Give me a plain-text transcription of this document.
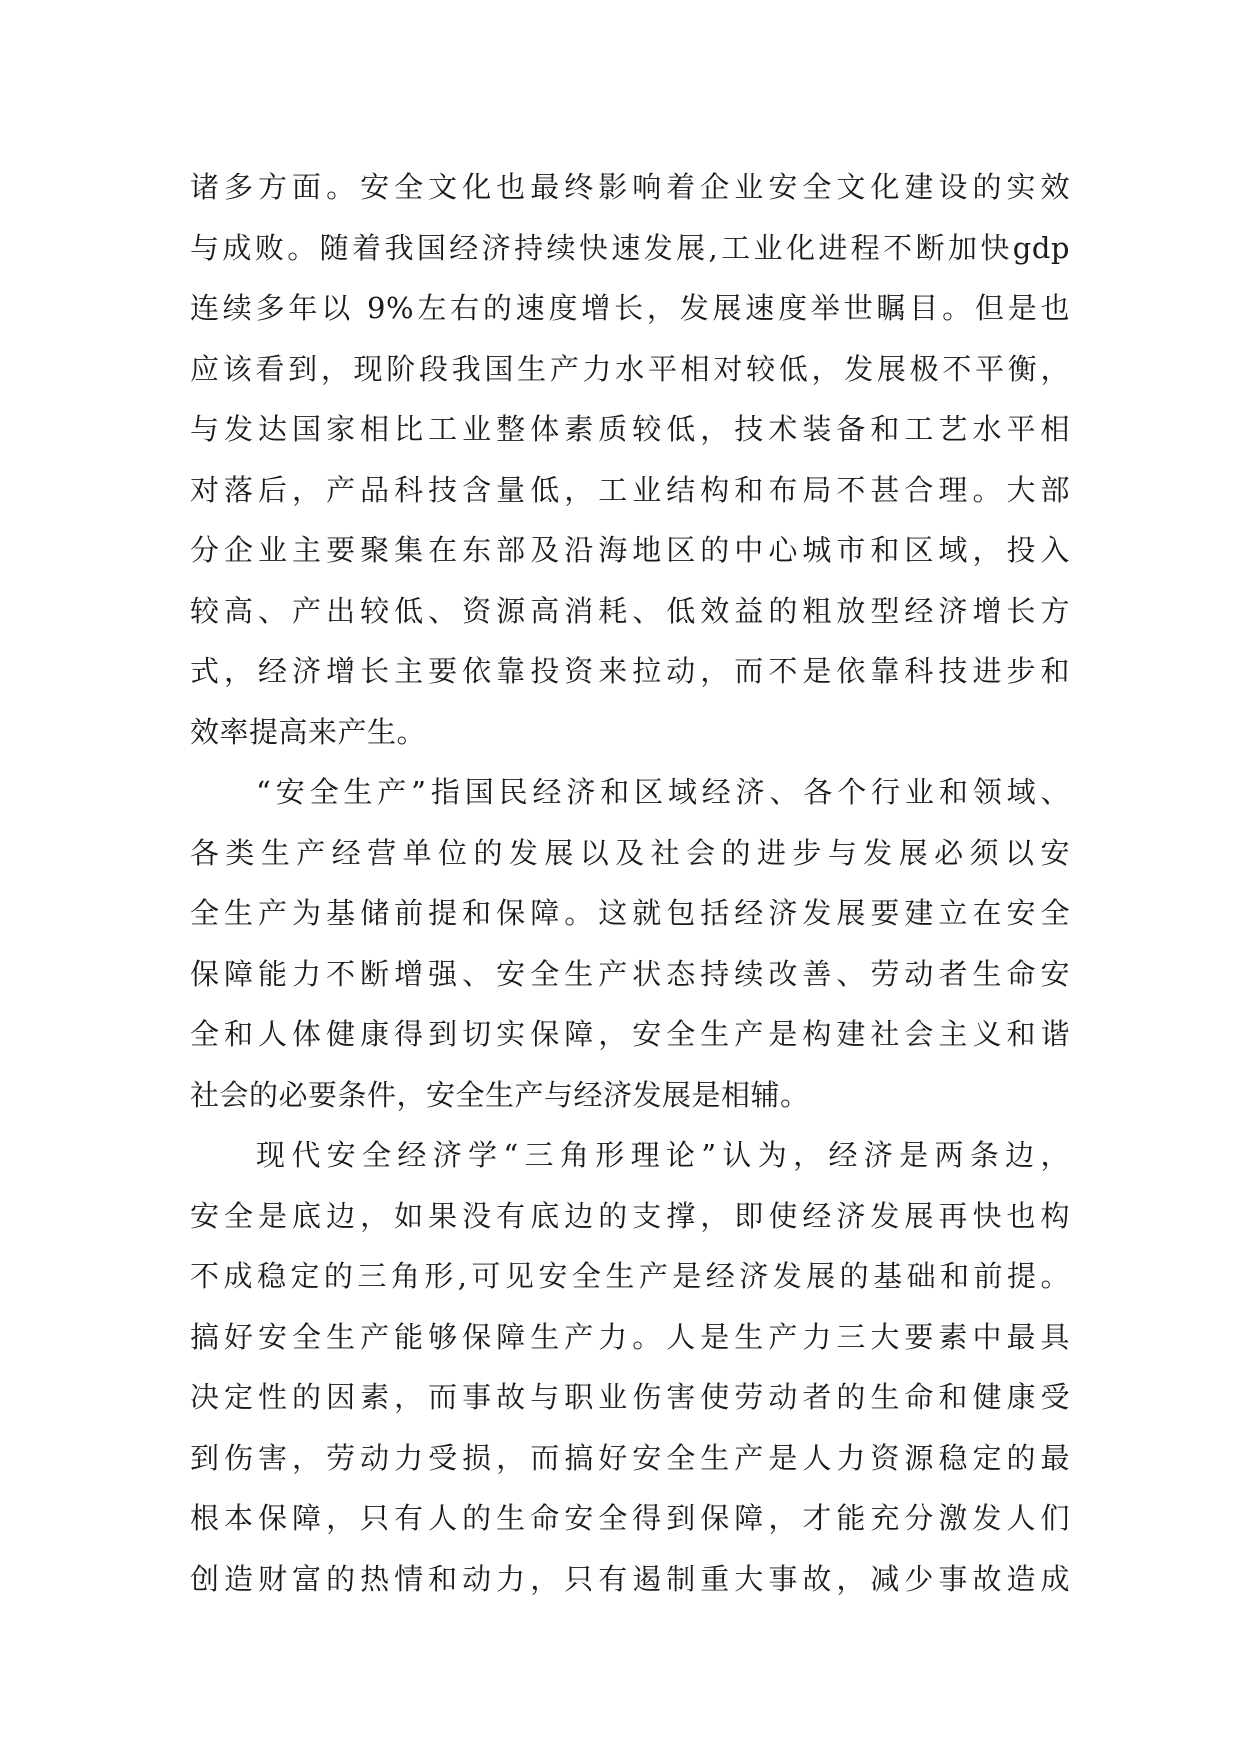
诸多方面。安全文化也最终影响着企业安全文化建设的实效
与成败。随着我国经济持续快速发展,工业化进程不断加快gdp
连续多年以 9%左右的速度增长，发展速度举世瞩目。但是也
应该看到，现阶段我国生产力水平相对较低，发展极不平衡，
与发达国家相比工业整体素质较低，技术装备和工艺水平相
对落后，产品科技含量低，工业结构和布局不甚合理。大部
分企业主要聚集在东部及沿海地区的中心城市和区域，投入
较高、产出较低、资源高消耗、低效益的粗放型经济增长方
式，经济增长主要依靠投资来拉动，而不是依靠科技进步和
效率提高来产生。
“安全生产”指国民经济和区域经济、各个行业和领域、
各类生产经营单位的发展以及社会的进步与发展必须以安
全生产为基储前提和保障。这就包括经济发展要建立在安全
保障能力不断增强、安全生产状态持续改善、劳动者生命安
全和人体健康得到切实保障，安全生产是构建社会主义和谐
社会的必要条件，安全生产与经济发展是相辅。
现代安全经济学“三角形理论”认为，经济是两条边，
安全是底边，如果没有底边的支撑，即使经济发展再快也构
不成稳定的三角形,可见安全生产是经济发展的基础和前提。
搞好安全生产能够保障生产力。人是生产力三大要素中最具
决定性的因素，而事故与职业伤害使劳动者的生命和健康受
到伤害，劳动力受损，而搞好安全生产是人力资源稳定的最
根本保障，只有人的生命安全得到保障，才能充分激发人们
创造财富的热情和动力，只有遏制重大事故，减少事故造成
